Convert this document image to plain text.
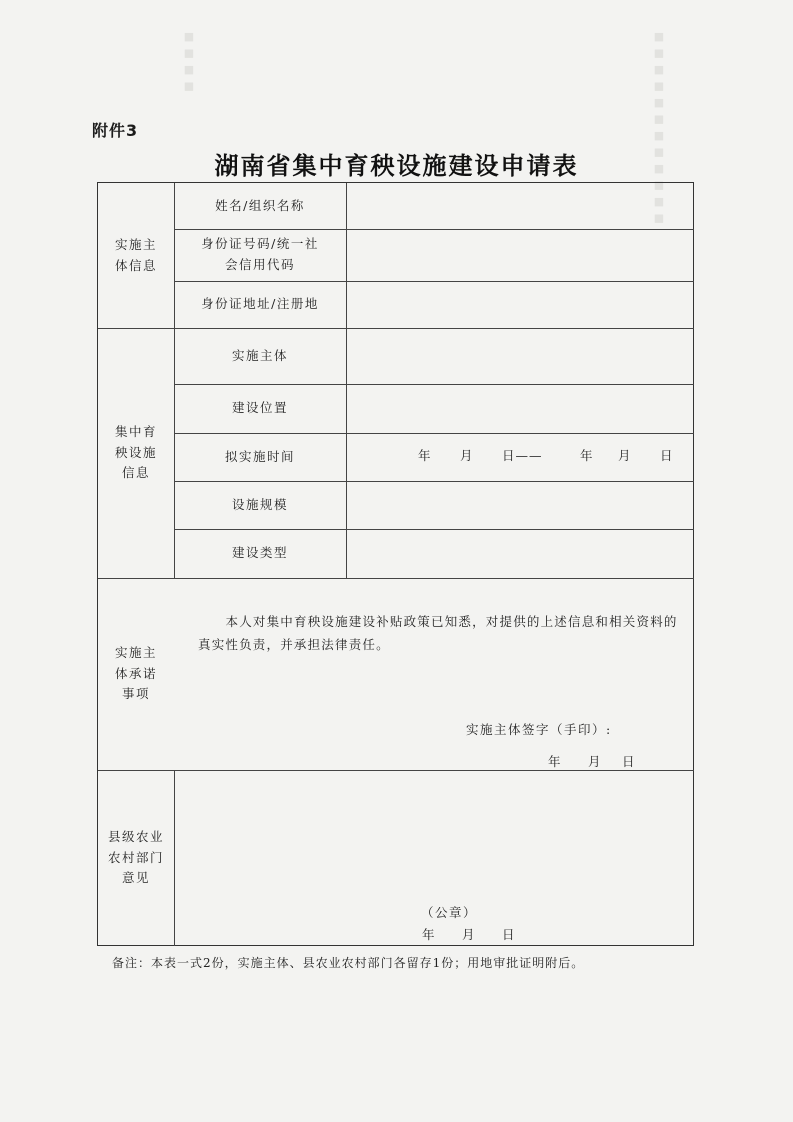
■ ■ ■ ■ ■ ■ ■ ■ ■ ■ ■ ■
■ ■ ■ ■
附件3
湖南省集中育秧设施建设申请表
实施主体信息
集中育秧设施信息
实施主体承诺事项
县级农业农村部门意见
姓名/组织名称
身份证号码/统一社会信用代码
身份证地址/注册地
实施主体
建设位置
拟实施时间
设施规模
建设类型
年 月 日——	年 月 日
本人对集中育秧设施建设补贴政策已知悉，对提供的上述信息和相关资料的真实性负责，并承担法律责任。
实施主体签字（手印）:
年 月 日
（公章）
年 月 日
备注：本表一式2份，实施主体、县农业农村部门各留存1份；用地审批证明附后。
